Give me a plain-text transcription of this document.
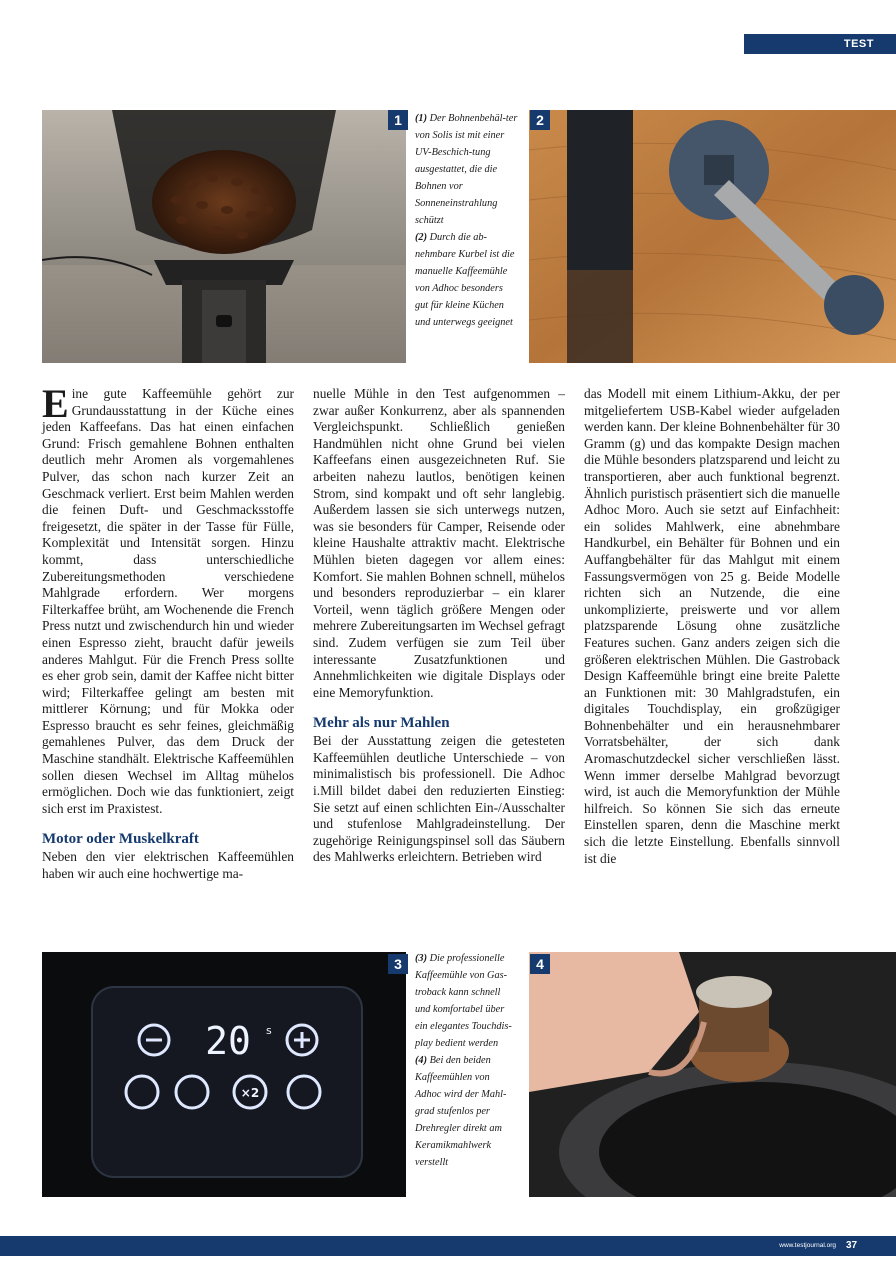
TEST
1	(1) Der Bohnenbehäl-ter von Solis ist mit einer UV-Beschich-tung ausgestattet, die die Bohnen vor Sonneneinstrahlung schützt
(2) Durch die ab-nehmbare Kurbel ist die manuelle Kaffeemühle von Adhoc besonders gut für kleine Küchen und unterwegs geeignet
2

Eine gute Kaffeemühle gehört zur Grundausstattung in der Küche eines jeden Kaffeefans. Das hat einen einfachen Grund: Frisch gemahlene Bohnen enthalten deutlich mehr Aromen als vorgemahlenes Pulver, das schon nach kurzer Zeit an Geschmack verliert. Erst beim Mahlen werden die feinen Duft- und Geschmacksstoffe freigesetzt, die später in der Tasse für Fülle, Komplexität und Intensität sorgen. Hinzu kommt, dass unterschiedliche Zubereitungsmethoden verschiedene Mahlgrade erfordern. Wer morgens Filterkaffee brüht, am Wochenende die French Press nutzt und zwischendurch hin und wieder einen Espresso zieht, braucht dafür jeweils anderes Mahlgut. Für die French Press sollte es eher grob sein, damit der Kaffee nicht bitter wird; Filterkaffee gelingt am besten mit mittlerer Körnung; und für Mokka oder Espresso braucht es sehr feines, gleichmäßig gemahlenes Pulver, das dem Druck der Maschine standhält. Elektrische Kaffeemühlen sollen diesen Wechsel im Alltag mühelos ermöglichen. Doch wie das funktioniert, zeigt sich erst im Praxistest.

Motor oder Muskelkraft

Neben den vier elektrischen Kaffeemühlen haben wir auch eine hochwertige ma-

nuelle Mühle in den Test aufgenommen – zwar außer Konkurrenz, aber als spannenden Vergleichspunkt. Schließlich genießen Handmühlen nicht ohne Grund bei vielen Kaffeefans einen ausgezeichneten Ruf. Sie arbeiten nahezu lautlos, benötigen keinen Strom, sind kompakt und oft sehr langlebig. Außerdem lassen sie sich unterwegs nutzen, was sie besonders für Camper, Reisende oder kleine Haushalte attraktiv macht. Elektrische Mühlen bieten dagegen vor allem eines: Komfort. Sie mahlen Bohnen schnell, mühelos und besonders reproduzierbar – ein klarer Vorteil, wenn täglich größere Mengen oder mehrere Zubereitungsarten im Wechsel gefragt sind. Zudem verfügen sie zum Teil über interessante Zusatzfunktionen und Annehmlichkeiten wie digitale Displays oder eine Memoryfunktion.

Mehr als nur Mahlen

Bei der Ausstattung zeigen die getesteten Kaffeemühlen deutliche Unterschiede – von minimalistisch bis professionell. Die Adhoc i.Mill bildet dabei den reduzierten Einstieg: Sie setzt auf einen schlichten Ein-/Ausschalter und stufenlose Mahlgradeinstellung. Der zugehörige Reinigungspinsel soll das Säubern des Mahlwerks erleichtern. Betrieben wird

das Modell mit einem Lithium-Akku, der per mitgeliefertem USB-Kabel wieder aufgeladen werden kann. Der kleine Bohnenbehälter für 30 Gramm (g) und das kompakte Design machen die Mühle besonders platzsparend und leicht zu transportieren, aber auch funktional begrenzt. Ähnlich puristisch präsentiert sich die manuelle Adhoc Moro. Auch sie setzt auf Einfachheit: ein solides Mahlwerk, eine abnehmbare Handkurbel, ein Behälter für Bohnen und ein Auffangbehälter für das Mahlgut mit einem Fassungsvermögen von 25 g. Beide Modelle richten sich an Nutzende, die eine unkomplizierte, preiswerte und vor allem platzsparende Lösung ohne zusätzliche Features suchen. Ganz anders zeigen sich die größeren elektrischen Mühlen. Die Gastroback Design Kaffeemühle bringt eine breite Palette an Funktionen mit: 30 Mahlgradstufen, ein digitales Touchdisplay, ein großzügiger Bohnenbehälter und ein herausnehmbarer Vorratsbehälter, der sich dank Aromaschutzdeckel sicher verschließen lässt. Wenn immer derselbe Mahlgrad bevorzugt wird, ist auch die Memoryfunktion der Mühle hilfreich. So können Sie sich das erneute Einstellen sparen, denn die Maschine merkt sich die letzte Einstellung. Ebenfalls sinnvoll ist die

20 s
×2
3	(3) Die professionelle Kaffeemühle von Gas-troback kann schnell und komfortabel über ein elegantes Touchdis-play bedient werden
(4) Bei den beiden Kaffeemühlen von Adhoc wird der Mahl-grad stufenlos per Drehregler direkt am Keramikmahlwerk verstellt
4
www.testjournal.org 37
